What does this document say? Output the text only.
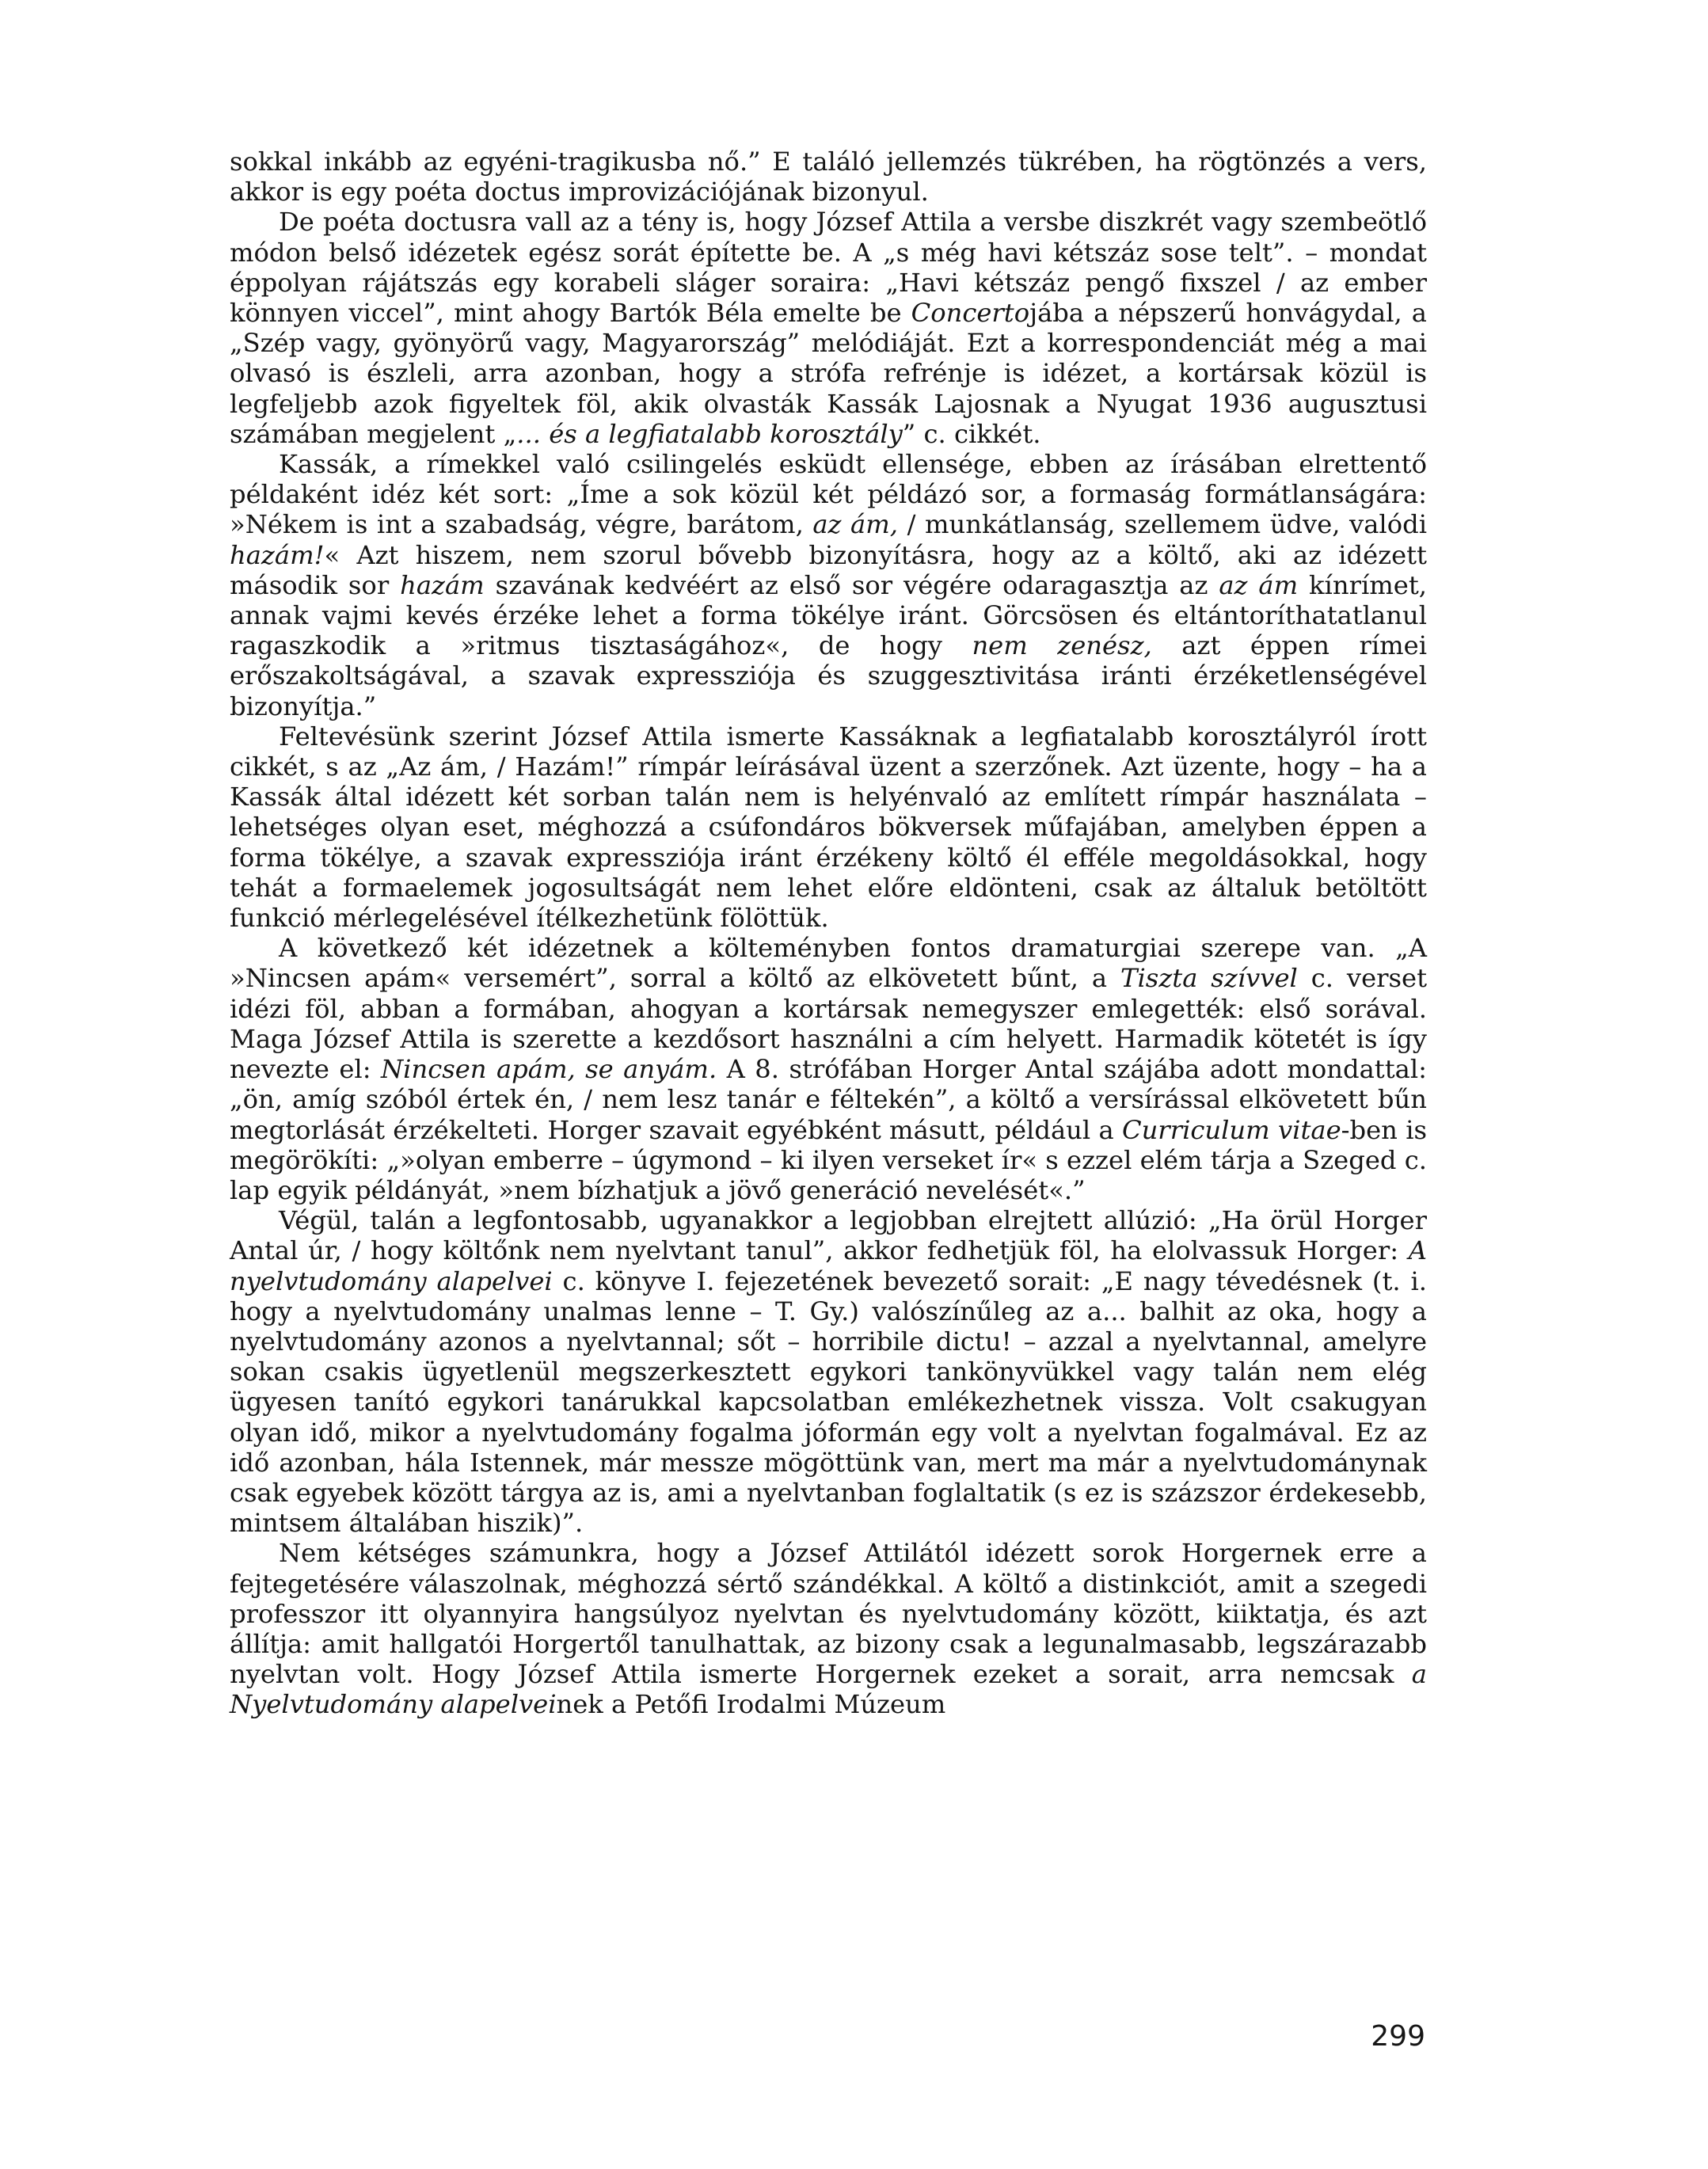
sokkal inkább az egyéni-tragikusba nő.” E találó jellemzés tükrében, ha rögtönzés a vers, akkor is egy poéta doctus improvizációjának bizonyul.

De poéta doctusra vall az a tény is, hogy József Attila a versbe diszkrét vagy szembeötlő módon belső idézetek egész sorát építette be. A „s még havi kétszáz sose telt”. – mondat éppolyan rájátszás egy korabeli sláger soraira: „Havi kétszáz pengő fixszel / az ember könnyen viccel”, mint ahogy Bartók Béla emelte be Concertojába a népszerű honvágydal, a „Szép vagy, gyönyörű vagy, Magyarország” melódiáját. Ezt a korrespondenciát még a mai olvasó is észleli, arra azonban, hogy a strófa refrénje is idézet, a kortársak közül is legfeljebb azok figyeltek föl, akik olvasták Kassák Lajosnak a Nyugat 1936 augusztusi számában megjelent „... és a legfiatalabb korosztály” c. cikkét.

Kassák, a rímekkel való csilingelés esküdt ellensége, ebben az írásában elrettentő példaként idéz két sort: „Íme a sok közül két példázó sor, a formaság formátlanságára: »Nékem is int a szabadság, végre, barátom, az ám, / munkátlanság, szellemem üdve, valódi hazám!« Azt hiszem, nem szorul bővebb bizonyításra, hogy az a költő, aki az idézett második sor hazám szavának kedvéért az első sor végére odaragasztja az az ám kínrímet, annak vajmi kevés érzéke lehet a forma tökélye iránt. Görcsösen és eltántoríthatatlanul ragaszkodik a »ritmus tisztaságához«, de hogy nem zenész, azt éppen rímei erőszakoltságával, a szavak expressziója és szuggesztivitása iránti érzéketlenségével bizonyítja.”

Feltevésünk szerint József Attila ismerte Kassáknak a legfiatalabb korosztályról írott cikkét, s az „Az ám, / Hazám!” rímpár leírásával üzent a szerzőnek. Azt üzente, hogy – ha a Kassák által idézett két sorban talán nem is helyénvaló az említett rímpár használata – lehetséges olyan eset, méghozzá a csúfondáros bökversek műfajában, amelyben éppen a forma tökélye, a szavak expressziója iránt érzékeny költő él efféle megoldásokkal, hogy tehát a formaelemek jogosultságát nem lehet előre eldönteni, csak az általuk betöltött funkció mérlegelésével ítélkezhetünk fölöttük.

A következő két idézetnek a költeményben fontos dramaturgiai szerepe van. „A »Nincsen apám« versemért”, sorral a költő az elkövetett bűnt, a Tiszta szívvel c. verset idézi föl, abban a formában, ahogyan a kortársak nemegyszer emlegették: első sorával. Maga József Attila is szerette a kezdősort használni a cím helyett. Harmadik kötetét is így nevezte el: Nincsen apám, se anyám. A 8. strófában Horger Antal szájába adott mondattal: „ön, amíg szóból értek én, / nem lesz tanár e féltekén”, a költő a versírással elkövetett bűn megtorlását érzékelteti. Horger szavait egyébként másutt, például a Curriculum vitae-ben is megörökíti: „»olyan emberre – úgymond – ki ilyen verseket ír« s ezzel elém tárja a Szeged c. lap egyik példányát, »nem bízhatjuk a jövő generáció nevelését«.”

Végül, talán a legfontosabb, ugyanakkor a legjobban elrejtett allúzió: „Ha örül Horger Antal úr, / hogy költőnk nem nyelvtant tanul”, akkor fedhetjük föl, ha elolvassuk Horger: A nyelvtudomány alapelvei c. könyve I. fejezetének bevezető sorait: „E nagy tévedésnek (t. i. hogy a nyelvtudomány unalmas lenne – T. Gy.) valószínűleg az a... balhit az oka, hogy a nyelvtudomány azonos a nyelvtannal; sőt – horribile dictu! – azzal a nyelvtannal, amelyre sokan csakis ügyetlenül megszerkesztett egykori tankönyvükkel vagy talán nem elég ügyesen tanító egykori tanárukkal kapcsolatban emlékezhetnek vissza. Volt csakugyan olyan idő, mikor a nyelvtudomány fogalma jóformán egy volt a nyelvtan fogalmával. Ez az idő azonban, hála Istennek, már messze mögöttünk van, mert ma már a nyelvtudománynak csak egyebek között tárgya az is, ami a nyelvtanban foglaltatik (s ez is százszor érdekesebb, mintsem általában hiszik)”.

Nem kétséges számunkra, hogy a József Attilától idézett sorok Horgernek erre a fejtegetésére válaszolnak, méghozzá sértő szándékkal. A költő a distinkciót, amit a szegedi professzor itt olyannyira hangsúlyoz nyelvtan és nyelvtudomány között, kiiktatja, és azt állítja: amit hallgatói Horgertől tanulhattak, az bizony csak a legunalmasabb, legszárazabb nyelvtan volt. Hogy József Attila ismerte Horgernek ezeket a sorait, arra nemcsak a Nyelvtudomány alapelveinek a Petőfi Irodalmi Múzeum

299
